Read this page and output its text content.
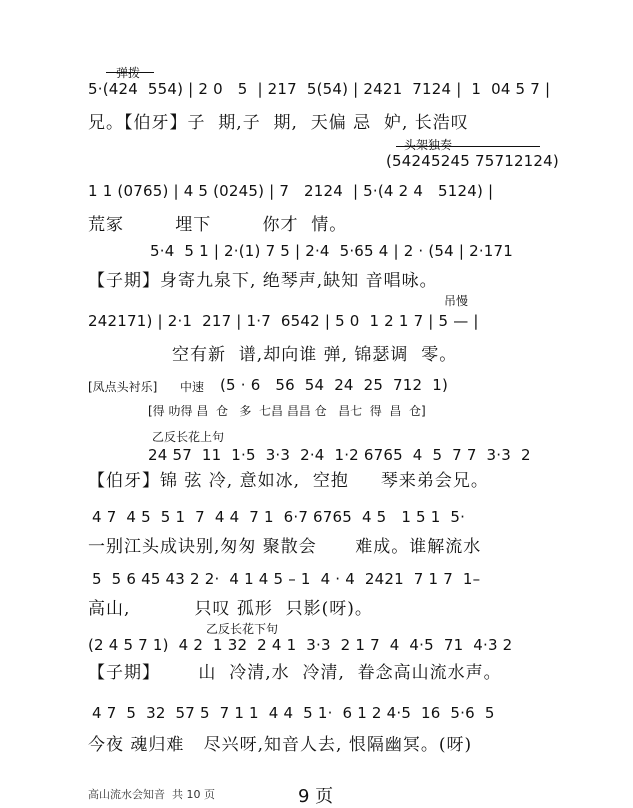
弹拨
5·(424  554) | 2 0   5  | 217  5(54) | 2421  7124 |  1  04 5 7 |
兄。【伯牙】子  期,子  期,  天偏 忌  妒, 长浩叹
头架独奏
(54245245 75712124)
1 1 (0765) | 4 5 (0245) | 7   2124  | 5·(4 2 4   5124) |
荒冢        埋下        你才  情。
5·4  5 1 | 2·(1) 7 5 | 2·4  5·65 4 | 2 · (54 | 2·171
【子期】身寄九泉下, 绝琴声,缺知 音唱咏。
吊慢
242171) | 2·1  217 | 1·7  6542 | 5 0  1 2 1 7 | 5 — |
空有新  谱,却向谁 弹, 锦瑟调  零。
[凤点头衬乐] 中速 (5 · 6   56  54  24  25  712  1)
[得 叻得 昌  仓   多  七昌 昌昌 仓   昌七  得  昌  仓]
乙反长花上句
24 57  11  1·5  3·3  2·4  1·2 6765  4  5  7 7  3·3  2
【伯牙】锦 弦 冷, 意如冰,  空抱     琴来弟会兄。
4 7  4 5  5 1  7  4 4  7 1  6·7 6765  4 5   1 5 1  5·
一别江头成诀别,匆匆 聚散会      难成。谁解流水
5  5 6 45 43 2 2·  4 1 4 5 – 1  4 · 4  2421  7 1 7  1–
高山,          只叹 孤形  只影(呀)。
乙反长花下句
(2 4 5 7 1)  4 2  1 32  2 4 1  3·3  2 1 7  4  4·5  71  4·3 2
【子期】      山  冷清,水  冷清,  眷念高山流水声。
4 7  5  32  57 5  7 1 1  4 4  5 1·  6 1 2 4·5  16  5·6  5
今夜 魂归难   尽兴呀,知音人去, 恨隔幽冥。(呀)
高山流水会知音  共 10 页	9 页
